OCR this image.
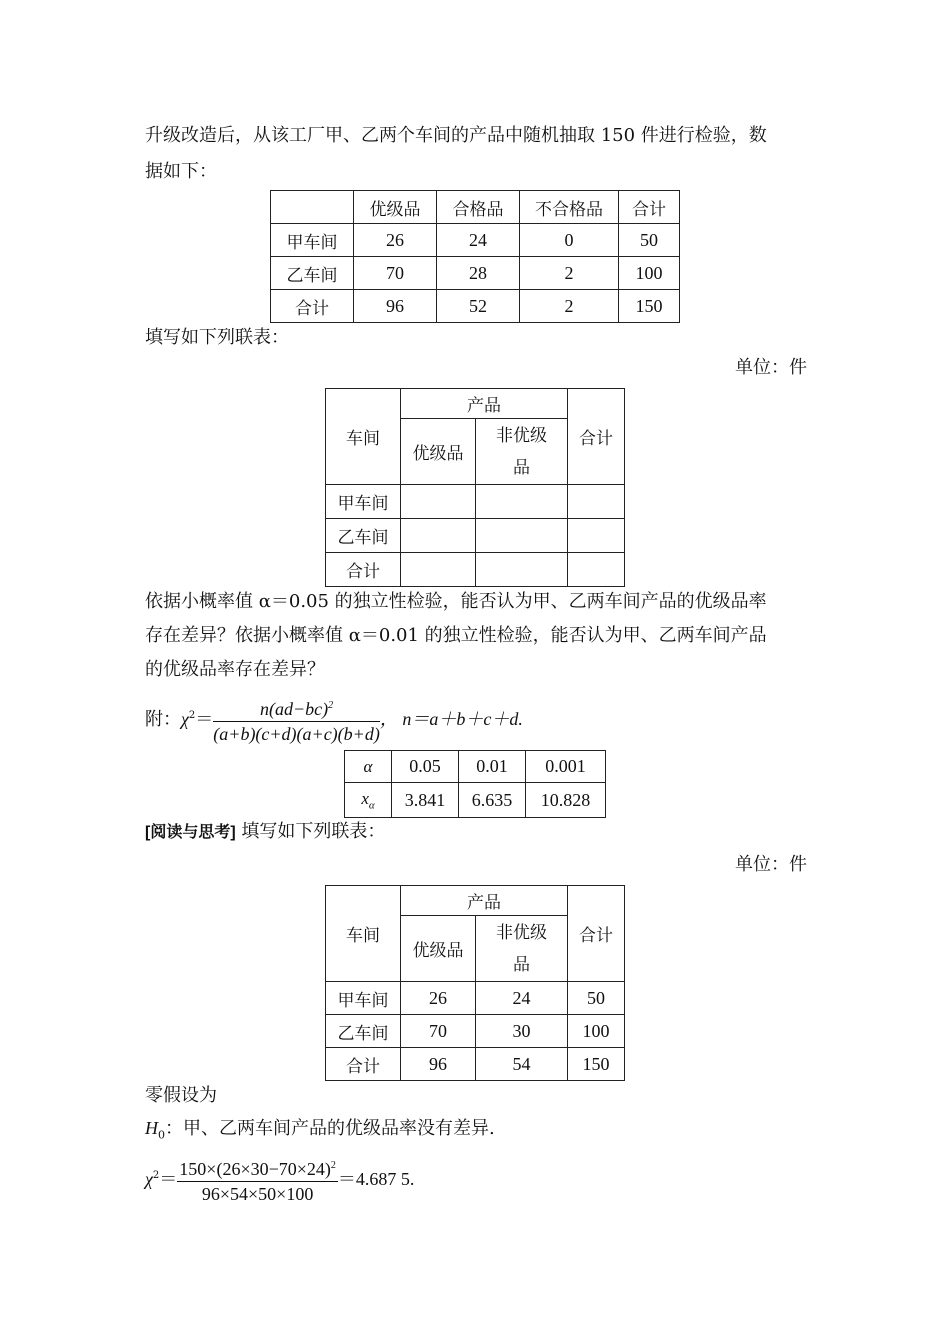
升级改造后，从该工厂甲、乙两个车间的产品中随机抽取 150 件进行检验，数
据如下：
	优级品	合格品	不合格品	合计
甲车间	26	24	0	50
乙车间	70	28	2	100
合计	96	52	2	150
填写如下列联表：
单位：件
车间	产品		合计
	优级品	非优级
品	
甲车间			
乙车间			
合计			
依据小概率值 α＝0.05 的独立性检验，能否认为甲、乙两车间产品的优级品率
存在差异？依据小概率值 α＝0.01 的独立性检验，能否认为甲、乙两车间产品
的优级品率存在差异？
附：$\chi^2= \frac{n(ad-bc)^2}{(a+b)(c+d)(a+c)(b+d)}$ ， n＝a＋b＋c＋d.
α	0.05	0.01	0.001
$x_\alpha$	3.841	6.635	10.828
[阅读与思考] 填写如下列联表：
单位：件
车间	产品		合计
	优级品	非优级
品	
甲车间	26	24	50
乙车间	70	30	100
合计	96	54	150
零假设为
$H_0$：甲、乙两车间产品的优级品率没有差异.
$\chi^2= \frac{150\times(26\times 30-70\times 24)^2}{96\times 54\times 50\times 100} =4.687$ 5.
